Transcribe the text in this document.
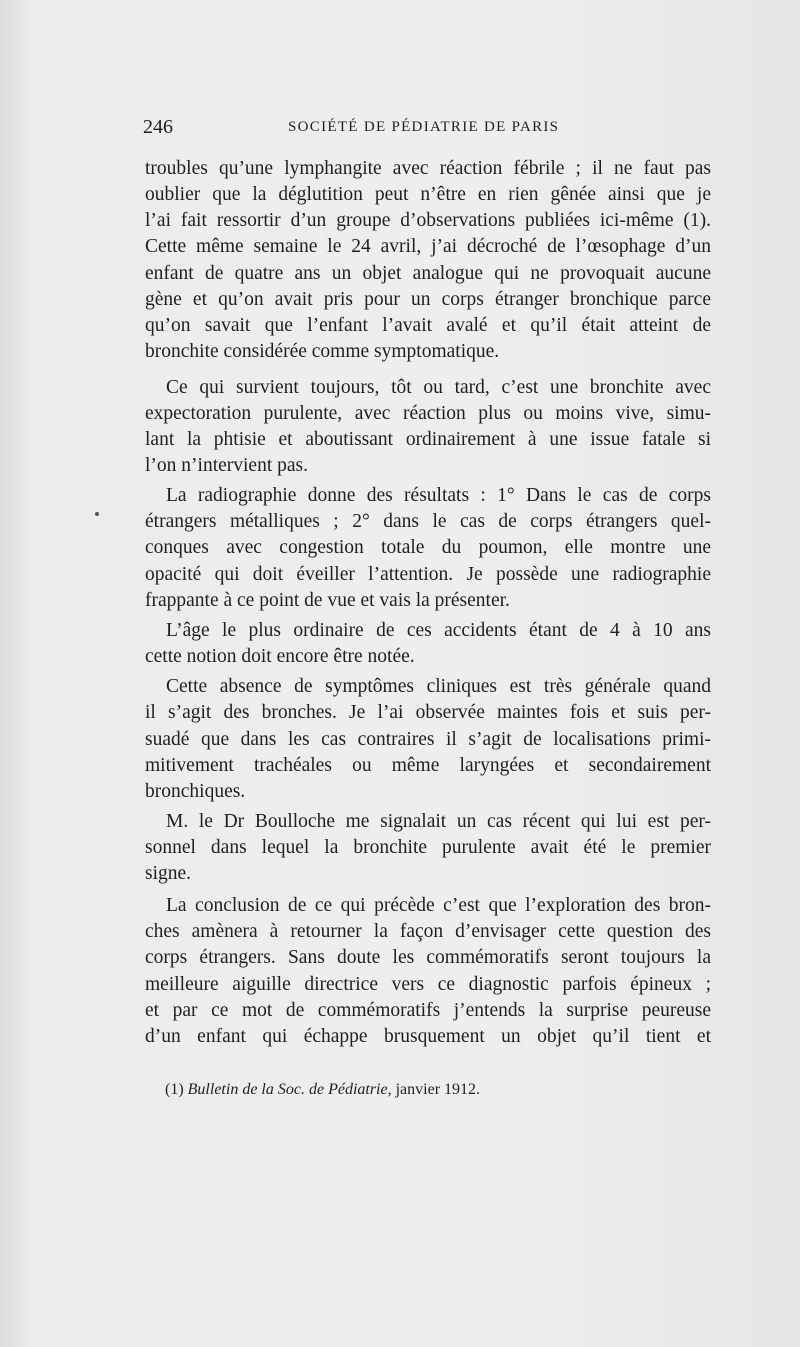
246	SOCIÉTÉ DE PÉDIATRIE DE PARIS
troubles qu’une lymphangite avec réaction fébrile ; il ne faut pas
oublier que la déglutition peut n’être en rien gênée ainsi que je
l’ai fait ressortir d’un groupe d’observations publiées ici-même (1).
Cette même semaine le 24 avril, j’ai décroché de l’œsophage d’un
enfant de quatre ans un objet analogue qui ne provoquait aucune
gène et qu’on avait pris pour un corps étranger bronchique parce
qu’on savait que l’enfant l’avait avalé et qu’il était atteint de
bronchite considérée comme symptomatique.
Ce qui survient toujours, tôt ou tard, c’est une bronchite avec
expectoration purulente, avec réaction plus ou moins vive, simu-
lant la phtisie et aboutissant ordinairement à une issue fatale si
l’on n’intervient pas.
La radiographie donne des résultats : 1° Dans le cas de corps
étrangers métalliques ; 2° dans le cas de corps étrangers quel-
conques avec congestion totale du poumon, elle montre une
opacité qui doit éveiller l’attention. Je possède une radiographie
frappante à ce point de vue et vais la présenter.
L’âge le plus ordinaire de ces accidents étant de 4 à 10 ans
cette notion doit encore être notée.
Cette absence de symptômes cliniques est très générale quand
il s’agit des bronches. Je l’ai observée maintes fois et suis per-
suadé que dans les cas contraires il s’agit de localisations primi-
mitivement trachéales ou même laryngées et secondairement
bronchiques.
M. le Dr Boulloche me signalait un cas récent qui lui est per-
sonnel dans lequel la bronchite purulente avait été le premier
signe.
La conclusion de ce qui précède c’est que l’exploration des bron-
ches amènera à retourner la façon d’envisager cette question des
corps étrangers. Sans doute les commémoratifs seront toujours la
meilleure aiguille directrice vers ce diagnostic parfois épineux ;
et par ce mot de commémoratifs j’entends la surprise peureuse
d’un enfant qui échappe brusquement un objet qu’il tient et
(1) Bulletin de la Soc. de Pédiatrie, janvier 1912.
